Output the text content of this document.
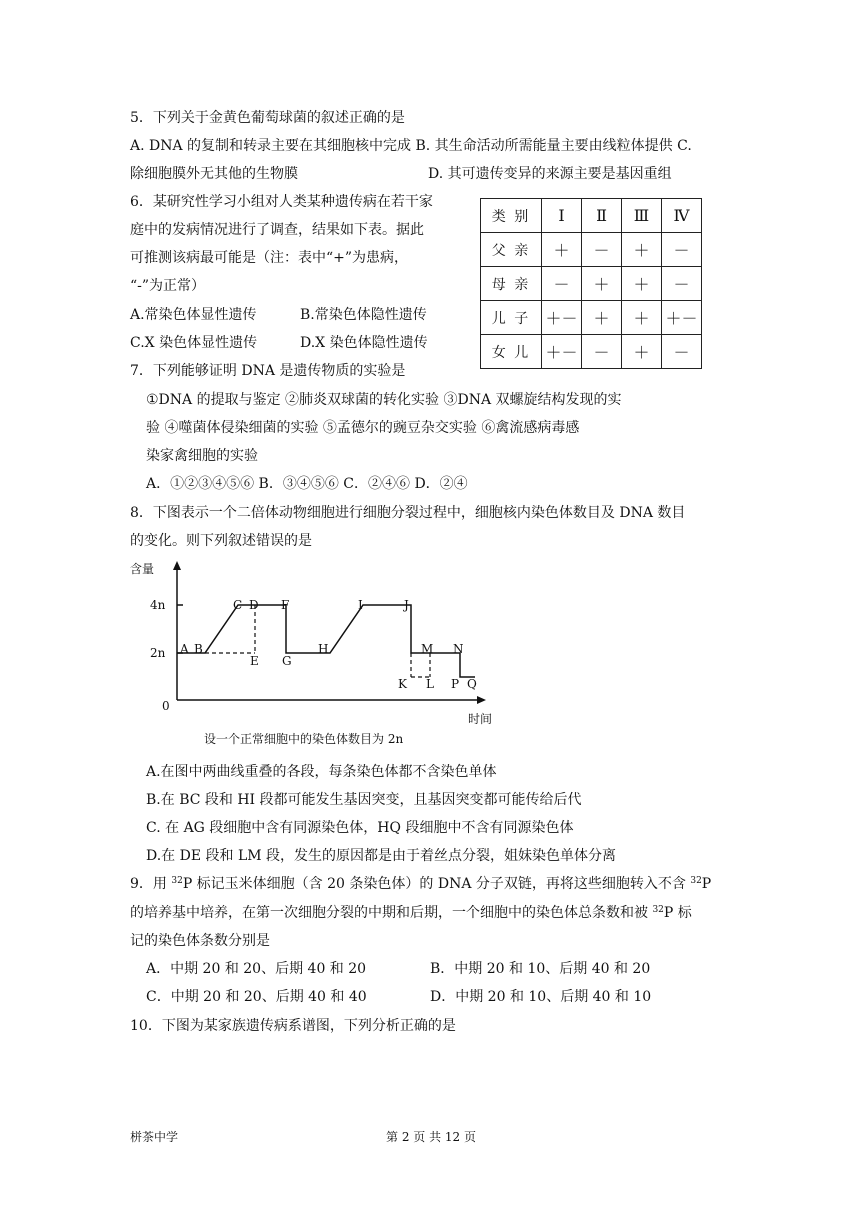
5．下列关于金黄色葡萄球菌的叙述正确的是
A. DNA 的复制和转录主要在其细胞核中完成 B. 其生命活动所需能量主要由线粒体提供 C.
除细胞膜外无其他的生物膜	D. 其可遗传变异的来源主要是基因重组
6．某研究性学习小组对人类某种遗传病在若干家
庭中的发病情况进行了调查，结果如下表。据此
可推测该病最可能是（注：表中“+”为患病，
“-”为正常）
A.常染色体显性遗传	B.常染色体隐性遗传
C.X 染色体显性遗传	D.X 染色体隐性遗传
类 别	Ⅰ	Ⅱ	Ⅲ	Ⅳ
父 亲	＋	－	＋	－
母 亲	－	＋	＋	－
儿 子	＋－	＋	＋	＋－
女 儿	＋－	－	＋	－
7．下列能够证明 DNA 是遗传物质的实验是
①DNA 的提取与鉴定 ②肺炎双球菌的转化实验 ③DNA 双螺旋结构发现的实
验 ④噬菌体侵染细菌的实验 ⑤孟德尔的豌豆杂交实验 ⑥禽流感病毒感
染家禽细胞的实验
A．①②③④⑤⑥ B．③④⑤⑥ C．②④⑥ D．②④
8．下图表示一个二倍体动物细胞进行细胞分裂过程中，细胞核内染色体数目及 DNA 数目
的变化。则下列叙述错误的是
含量
4n
2n
0
时间
A B
C D
E
F
G
H
I	J
K L
M N
P Q
设一个正常细胞中的染色体数目为 2n
A.在图中两曲线重叠的各段，每条染色体都不含染色单体
B.在 BC 段和 HI 段都可能发生基因突变，且基因突变都可能传给后代
C. 在 AG 段细胞中含有同源染色体，HQ 段细胞中不含有同源染色体
D.在 DE 段和 LM 段，发生的原因都是由于着丝点分裂，姐妹染色单体分离
9．用 $^{32}$P 标记玉米体细胞（含 20 条染色体）的 DNA 分子双链，再将这些细胞转入不含 $^{32}$P
的培养基中培养，在第一次细胞分裂的中期和后期，一个细胞中的染色体总条数和被 $^{32}$P 标
记的染色体条数分别是
A．中期 20 和 20、后期 40 和 20	B．中期 20 和 10、后期 40 和 20
C．中期 20 和 20、后期 40 和 40	D．中期 20 和 10、后期 40 和 10
10．下图为某家族遗传病系谱图，下列分析正确的是
栟茶中学	第 2 页 共 12 页
